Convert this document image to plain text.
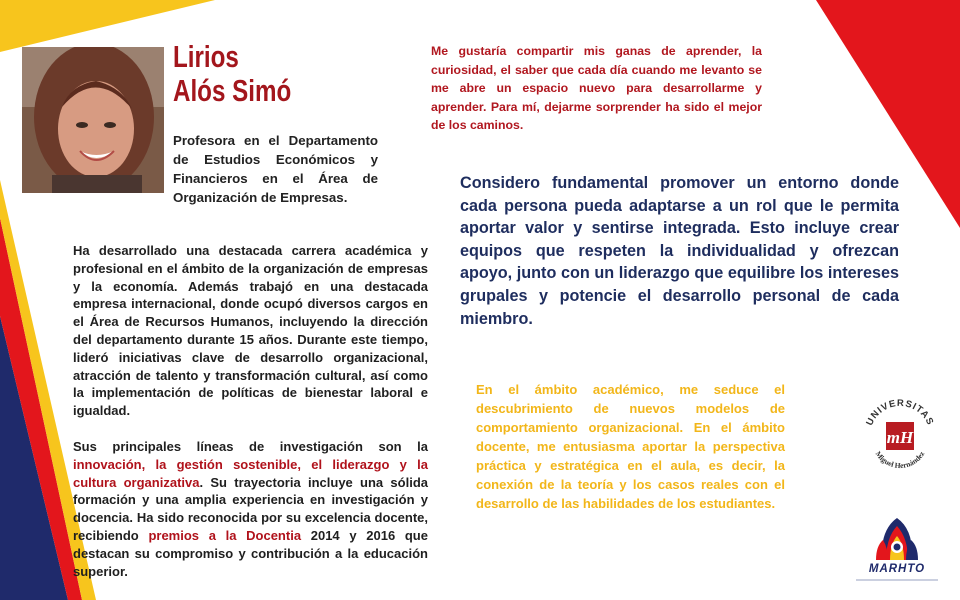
Lirios
Alós Simó
Profesora en el Departamento de Estudios Económicos y Financieros en el Área de Organización de Empresas.

Ha desarrollado una destacada carrera académica y profesional en el ámbito de la organización de empresas y la economía. Además trabajó en una destacada empresa internacional, donde ocupó diversos cargos en el Área de Recursos Humanos, incluyendo la dirección del departamento durante 15 años. Durante este tiempo, lideró iniciativas clave de desarrollo organizacional, atracción de talento y transformación cultural, así como la implementación de políticas de bienestar laboral e igualdad.

Sus principales líneas de investigación son la innovación, la gestión sostenible, el liderazgo y la cultura organizativa. Su trayectoria incluye una sólida formación y una amplia experiencia en investigación y docencia. Ha sido reconocida por su excelencia docente, recibiendo premios a la Docentia 2014 y 2016 que destacan su compromiso y contribución a la educación superior.

Me gustaría compartir mis ganas de aprender, la curiosidad, el saber que cada día cuando me levanto se me abre un espacio nuevo para desarrollarme y aprender. Para mí, dejarme sorprender ha sido el mejor de los caminos.
Considero fundamental promover un entorno donde cada persona pueda adaptarse a un rol que le permita aportar valor y sentirse integrada. Esto incluye crear equipos que respeten la individualidad y ofrezcan apoyo, junto con un liderazgo que equilibre los intereses grupales y potencie el desarrollo personal de cada miembro.
En el ámbito académico, me seduce el descubrimiento de nuevos modelos de comportamiento organizacional. En el ámbito docente, me entusiasma aportar la perspectiva práctica y estratégica en el aula, es decir, la conexión de la teoría y los casos reales con el desarrollo de las habilidades de los estudiantes.
UNIVERSITAS
Miguel Hernández
mH
MARHTO
